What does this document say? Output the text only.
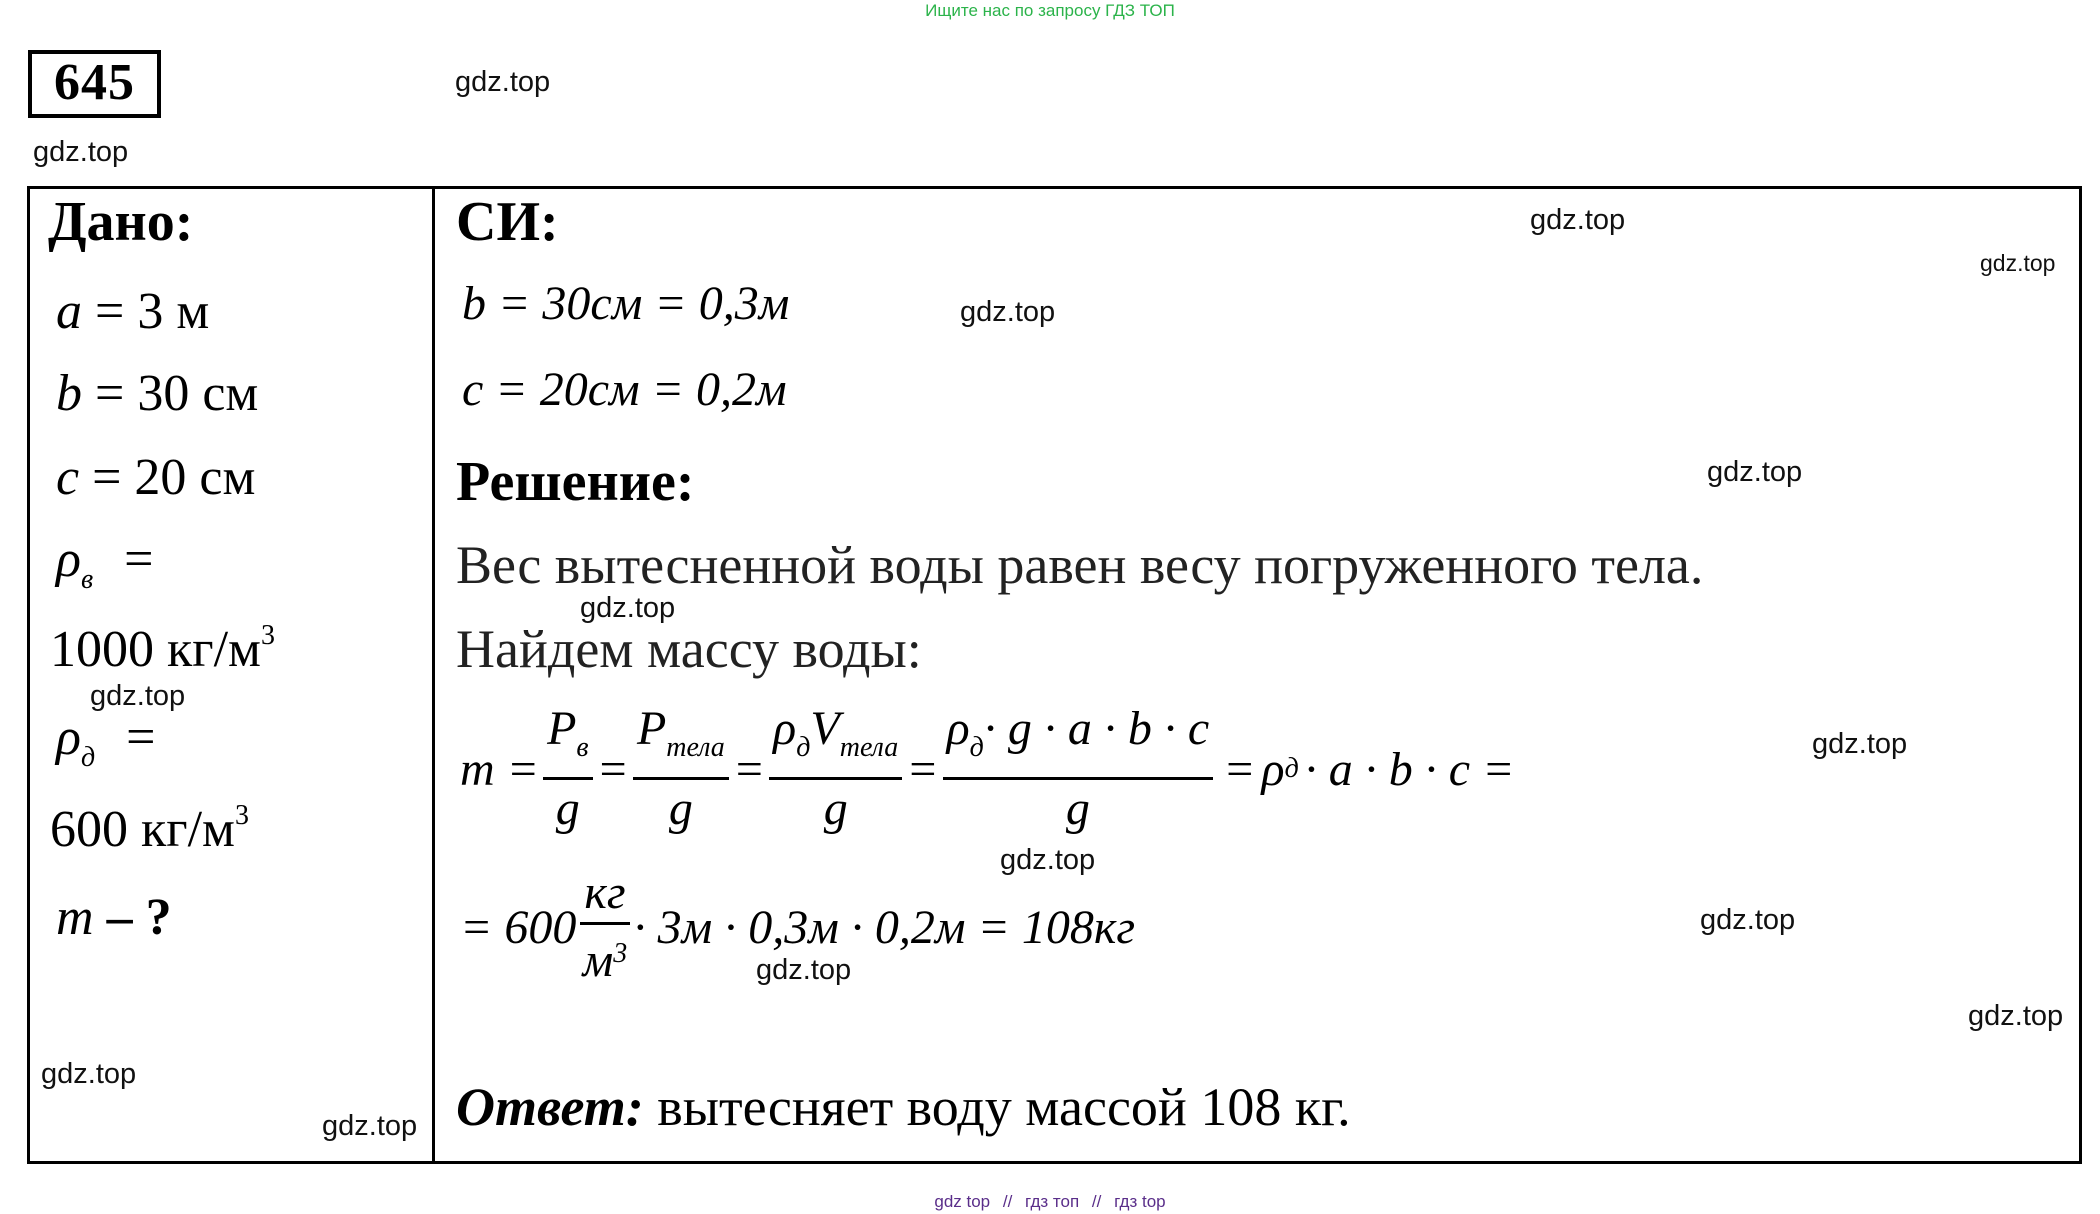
Ищите нас по запросу ГДЗ ТОП
645	gdz.top
gdz.top
gdz.top
gdz.top
gdz.top
gdz.top
gdz.top
gdz.top
gdz.top
gdz.top
gdz.top
gdz.top
gdz.top
gdz.top
gdz.top
Дано:
a = 3 м
b = 30 см
c = 20 см
$\rho_в$ =
1000 $кг/м^3$
$\rho_д$ =
600 $кг/м^3$
m – ?
СИ:
b = 30см = 0,3м
c = 20см = 0,2м
Решение:
Вес вытесненной воды равен весу погруженного тела.
Найдем массу воды:
$m = \frac{P_в}{g} = \frac{P_{тела}}{g} = \frac{\rho_дV_{тела}}{g} = \frac{\rho_д\cdot g \cdot a \cdot b \cdot c}{g} = \rho$ д · a · b · c =
= $600 \frac{кг}{м^3} \cdot 3м \cdot 0,3м \cdot 0,2м = 108кг$
Ответ: вытесняет воду массой 108 кг.
gdz top // гдз топ // гдз top
